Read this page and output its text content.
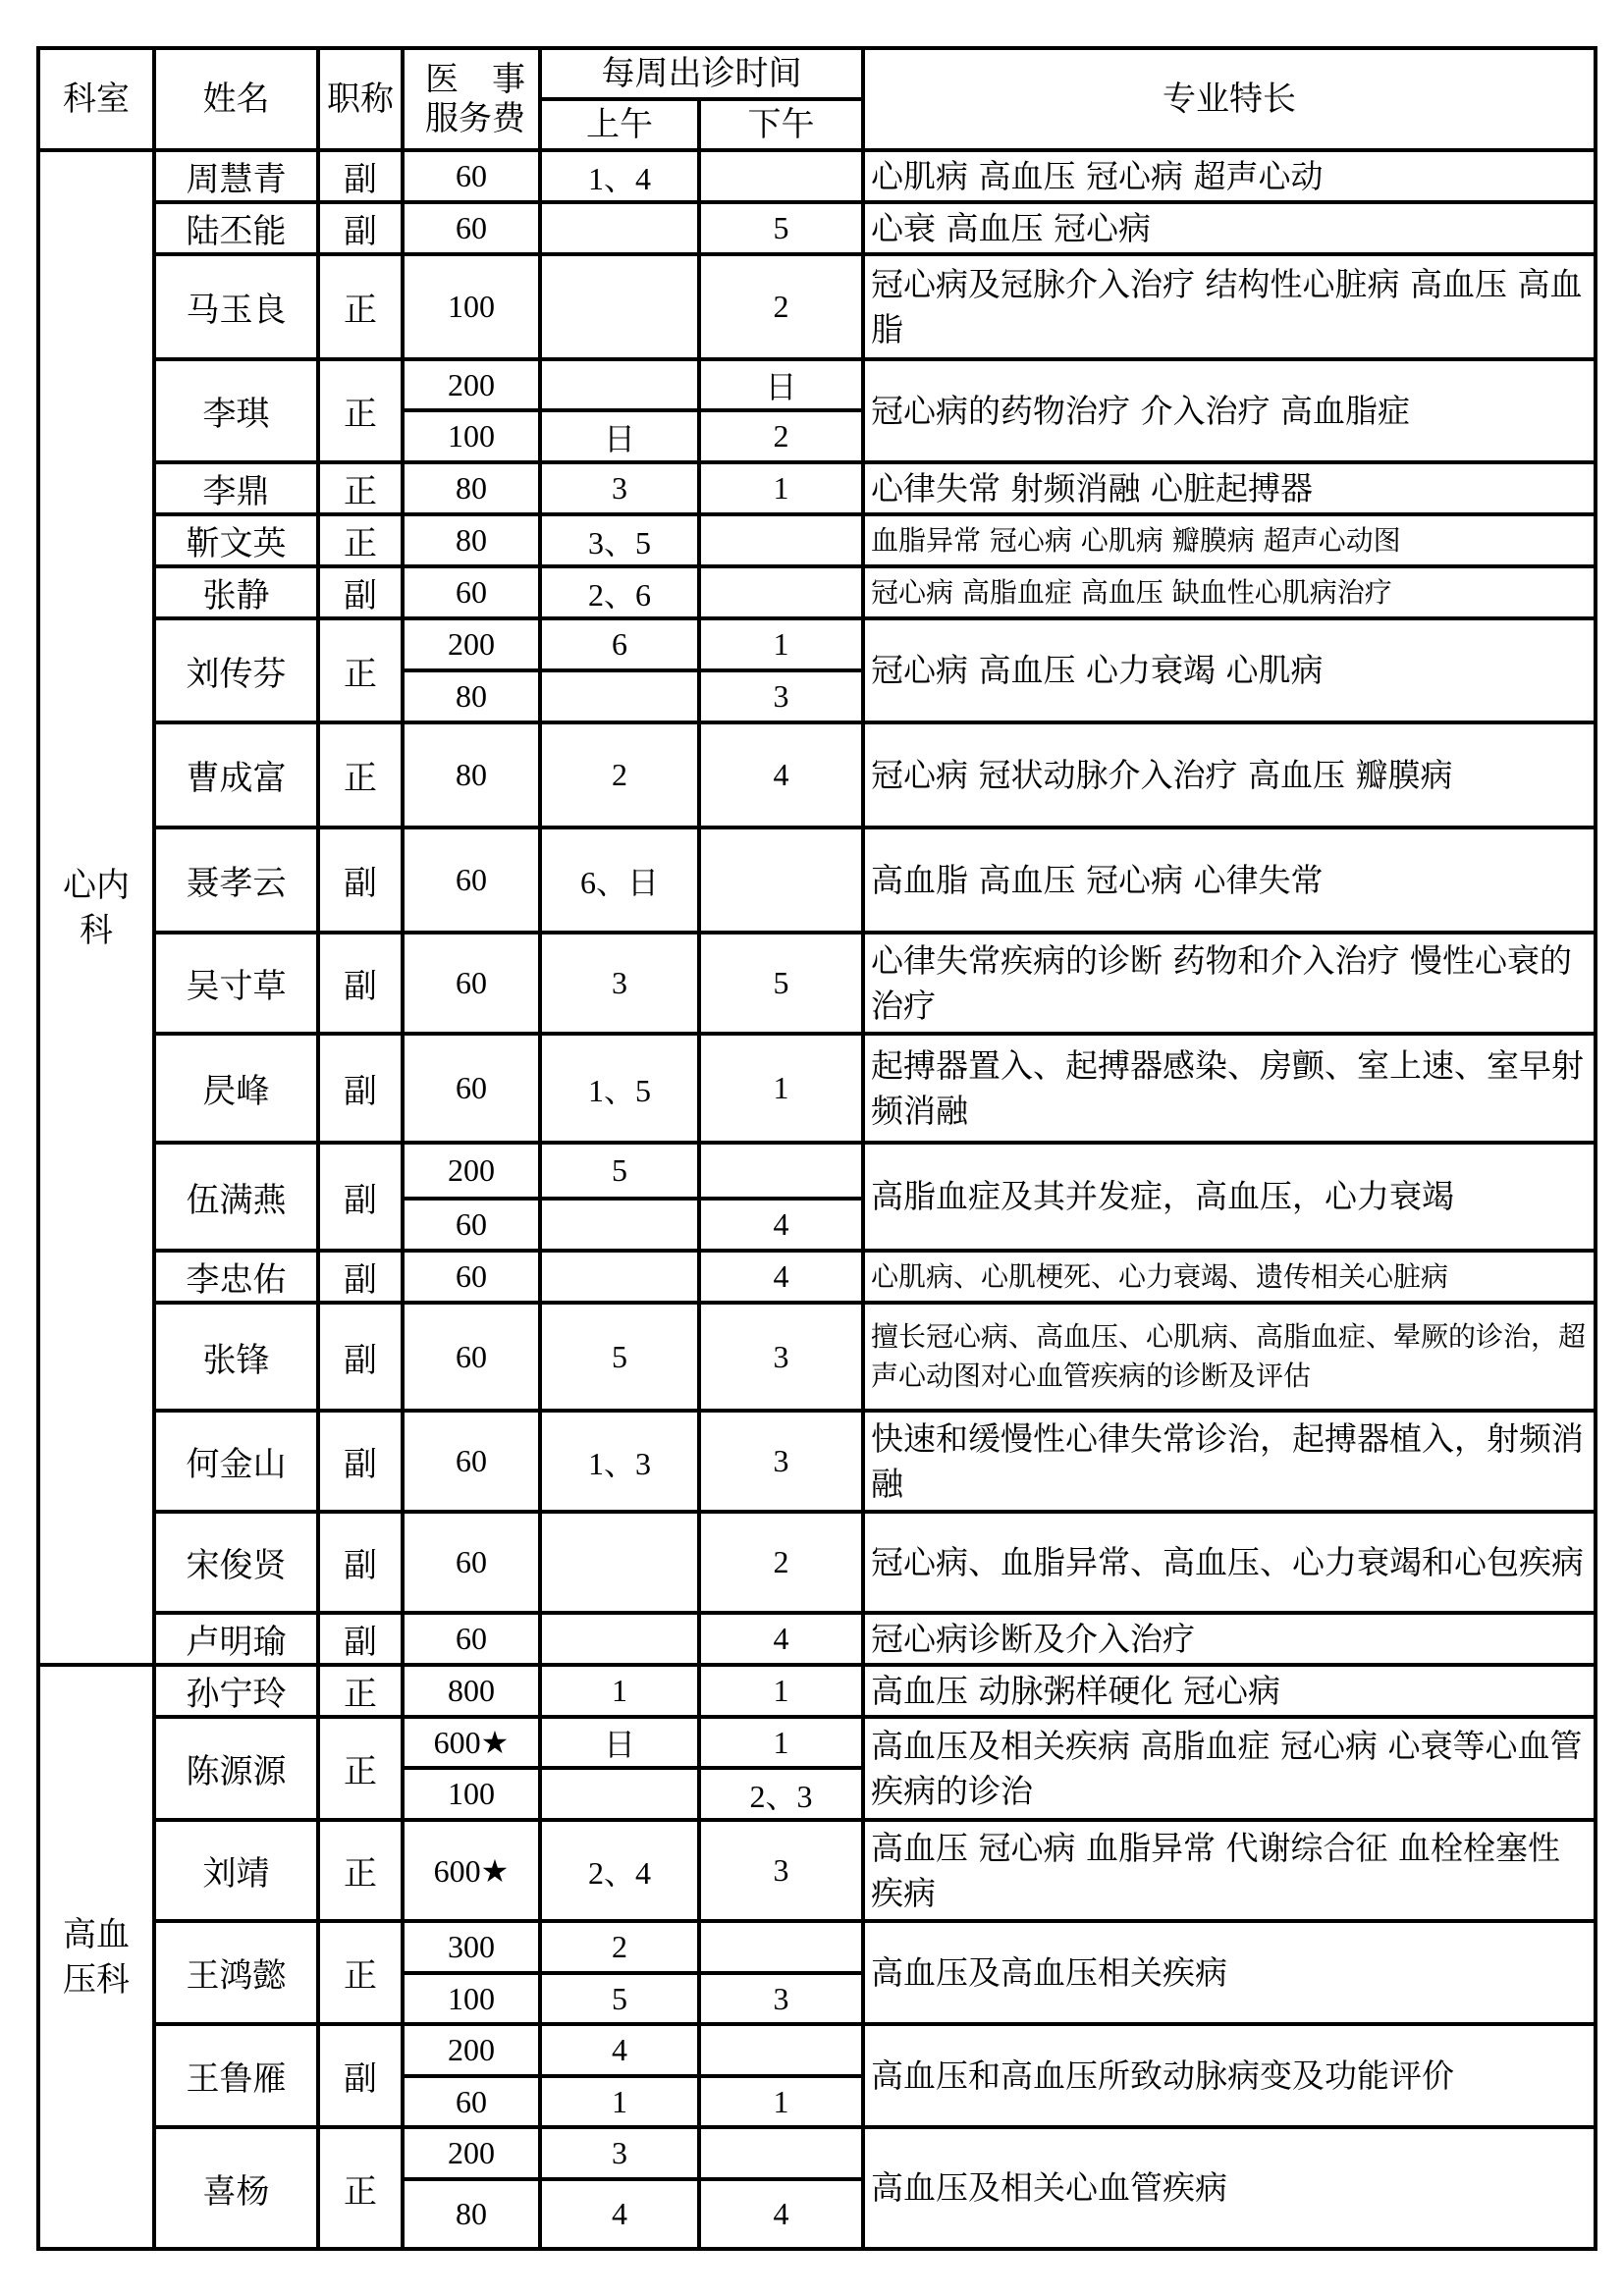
科室	姓名	职称	医　事
服务费	每周出诊时间		专业特长
				上午	下午	

心内
科	周慧青	副	60	1、4		心肌病 高血压 冠心病 超声心动
	陆丕能	副	60		5	心衰 高血压 冠心病
	马玉良	正	100		2	冠心病及冠脉介入治疗 结构性心脏病 高血压 高血脂
	李琪	正	200		日	冠心病的药物治疗 介入治疗 高血脂症
			100	日	2	
	李鼎	正	80	3	1	心律失常 射频消融 心脏起搏器
	靳文英	正	80	3、5		血脂异常 冠心病 心肌病 瓣膜病 超声心动图
	张静	副	60	2、6		冠心病 高脂血症 高血压 缺血性心肌病治疗
	刘传芬	正	200	6	1	冠心病 高血压 心力衰竭 心肌病
			80		3	
	曹成富	正	80	2	4	冠心病 冠状动脉介入治疗 高血压 瓣膜病
	聂孝云	副	60	6、日		高血脂 高血压 冠心病 心律失常
	吴寸草	副	60	3	5	心律失常疾病的诊断 药物和介入治疗 慢性心衰的治疗
	昃峰	副	60	1、5	1	起搏器置入、起搏器感染、房颤、室上速、室早射频消融
	伍满燕	副	200	5		高脂血症及其并发症，高血压，心力衰竭
			60		4	
	李忠佑	副	60		4	心肌病、心肌梗死、心力衰竭、遗传相关心脏病
	张锋	副	60	5	3	擅长冠心病、高血压、心肌病、高脂血症、晕厥的诊治，超声心动图对心血管疾病的诊断及评估
	何金山	副	60	1、3	3	快速和缓慢性心律失常诊治，起搏器植入，射频消融
	宋俊贤	副	60		2	冠心病、血脂异常、高血压、心力衰竭和心包疾病
	卢明瑜	副	60		4	冠心病诊断及介入治疗

高血
压科	孙宁玲	正	800	1	1	高血压 动脉粥样硬化 冠心病
	陈源源	正	600★	日	1	高血压及相关疾病 高脂血症 冠心病 心衰等心血管疾病的诊治
			100		2、3	
	刘靖	正	600★	2、4	3	高血压 冠心病 血脂异常 代谢综合征 血栓栓塞性疾病
	王鸿懿	正	300	2		高血压及高血压相关疾病
			100	5	3	
	王鲁雁	副	200	4		高血压和高血压所致动脉病变及功能评价
			60	1	1	
	喜杨	正	200	3		高血压及相关心血管疾病
			80	4	4	
